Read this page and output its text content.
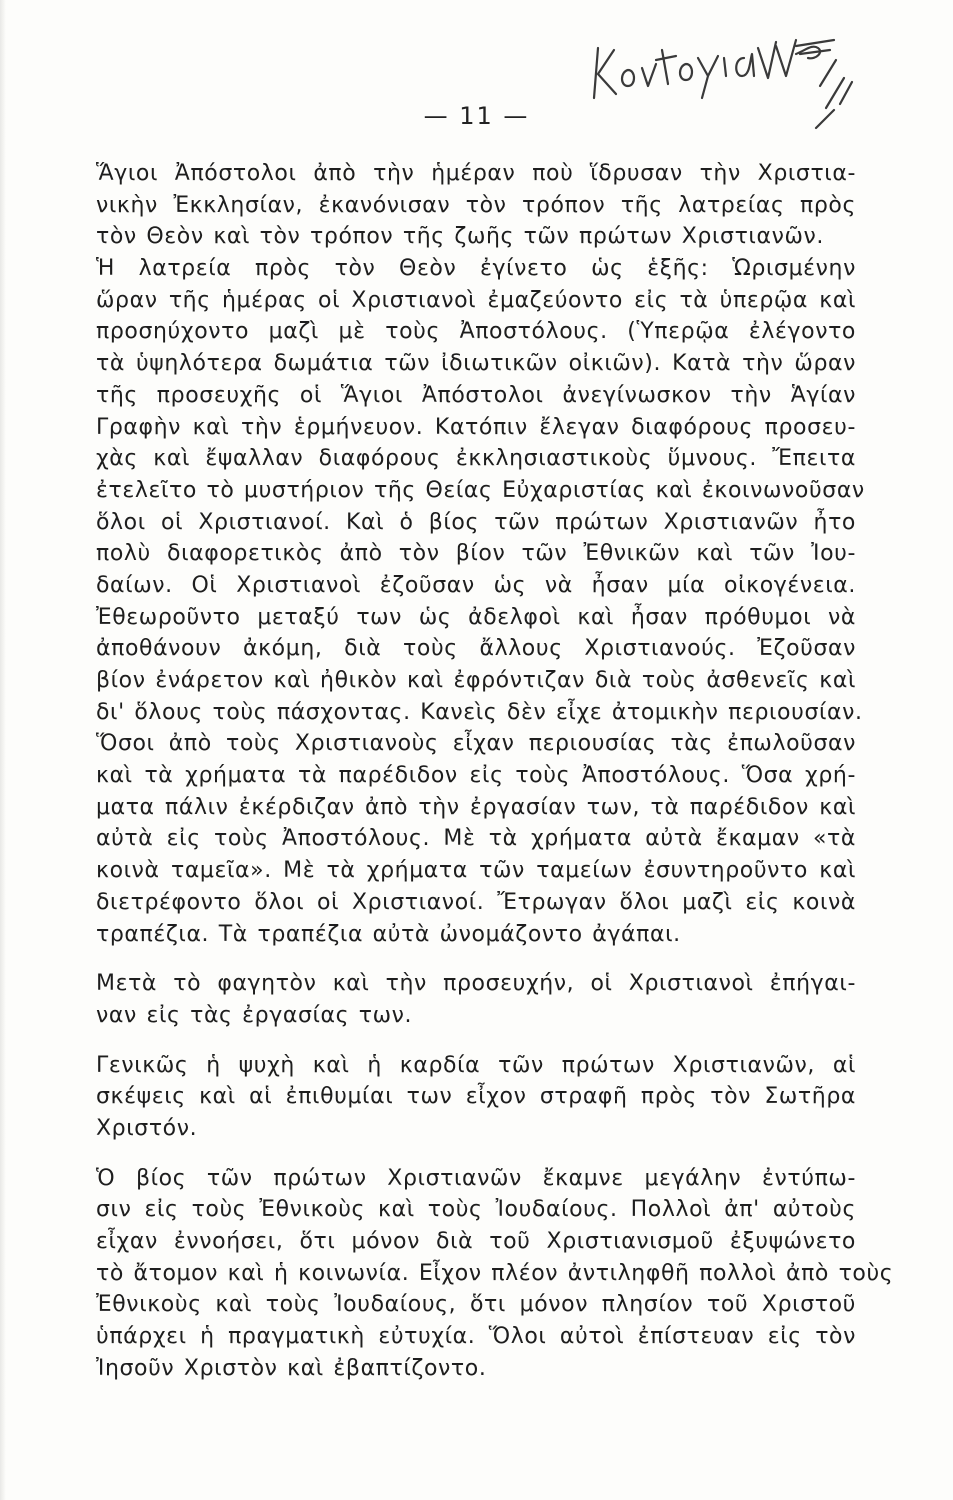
— 11 —
Ἅγιοι Ἀπόστολοι ἀπὸ τὴν ἡμέραν ποὺ ἵδρυσαν τὴν Χριστια-
νικὴν Ἐκκλησίαν, ἐκανόνισαν τὸν τρόπον τῆς λατρείας πρὸς
τὸν Θεὸν καὶ τὸν τρόπον τῆς ζωῆς τῶν πρώτων Χριστιανῶν.
Ἡ λατρεία πρὸς τὸν Θεὸν ἐγίνετο ὡς ἑξῆς: Ὡρισμένην
ὥραν τῆς ἡμέρας οἱ Χριστιανοὶ ἐμαζεύοντο εἰς τὰ ὑπερῷα καὶ
προσηύχοντο μαζὶ μὲ τοὺς Ἀποστόλους. (Ὑπερῷα ἐλέγοντο
τὰ ὑψηλότερα δωμάτια τῶν ἰδιωτικῶν οἰκιῶν). Κατὰ τὴν ὥραν
τῆς προσευχῆς οἱ Ἅγιοι Ἀπόστολοι ἀνεγίνωσκον τὴν Ἁγίαν
Γραφὴν καὶ τὴν ἑρμήνευον. Κατόπιν ἔλεγαν διαφόρους προσευ-
χὰς καὶ ἔψαλλαν διαφόρους ἐκκλησιαστικοὺς ὕμνους. Ἔπειτα
ἐτελεῖτο τὸ μυστήριον τῆς Θείας Εὐχαριστίας καὶ ἐκοινωνοῦσαν
ὅλοι οἱ Χριστιανοί. Καὶ ὁ βίος τῶν πρώτων Χριστιανῶν ἦτο
πολὺ διαφορετικὸς ἀπὸ τὸν βίον τῶν Ἐθνικῶν καὶ τῶν Ἰου-
δαίων. Οἱ Χριστιανοὶ ἐζοῦσαν ὡς νὰ ἦσαν μία οἰκογένεια.
Ἐθεωροῦντο μεταξύ των ὡς ἀδελφοὶ καὶ ἦσαν πρόθυμοι νὰ
ἀποθάνουν ἀκόμη, διὰ τοὺς ἄλλους Χριστιανούς. Ἐζοῦσαν
βίον ἐνάρετον καὶ ἠθικὸν καὶ ἐφρόντιζαν διὰ τοὺς ἀσθενεῖς καὶ
δι' ὅλους τοὺς πάσχοντας. Κανεὶς δὲν εἶχε ἀτομικὴν περιουσίαν.
Ὅσοι ἀπὸ τοὺς Χριστιανοὺς εἶχαν περιουσίας τὰς ἐπωλοῦσαν
καὶ τὰ χρήματα τὰ παρέδιδον εἰς τοὺς Ἀποστόλους. Ὅσα χρή-
ματα πάλιν ἐκέρδιζαν ἀπὸ τὴν ἐργασίαν των, τὰ παρέδιδον καὶ
αὐτὰ εἰς τοὺς Ἀποστόλους. Μὲ τὰ χρήματα αὐτὰ ἔκαμαν «τὰ
κοινὰ ταμεῖα». Μὲ τὰ χρήματα τῶν ταμείων ἐσυντηροῦντο καὶ
διετρέφοντο ὅλοι οἱ Χριστιανοί. Ἔτρωγαν ὅλοι μαζὶ εἰς κοινὰ
τραπέζια. Τὰ τραπέζια αὐτὰ ὠνομάζοντο ἀγάπαι.
Μετὰ τὸ φαγητὸν καὶ τὴν προσευχήν, οἱ Χριστιανοὶ ἐπήγαι-
ναν εἰς τὰς ἐργασίας των.
Γενικῶς ἡ ψυχὴ καὶ ἡ καρδία τῶν πρώτων Χριστιανῶν, αἱ
σκέψεις καὶ αἱ ἐπιθυμίαι των εἶχον στραφῆ πρὸς τὸν Σωτῆρα
Χριστόν.
Ὁ βίος τῶν πρώτων Χριστιανῶν ἔκαμνε μεγάλην ἐντύπω-
σιν εἰς τοὺς Ἐθνικοὺς καὶ τοὺς Ἰουδαίους. Πολλοὶ ἀπ' αὐτοὺς
εἶχαν ἐννοήσει, ὅτι μόνον διὰ τοῦ Χριστιανισμοῦ ἐξυψώνετο
τὸ ἄτομον καὶ ἡ κοινωνία. Εἶχον πλέον ἀντιληφθῆ πολλοὶ ἀπὸ τοὺς
Ἐθνικοὺς καὶ τοὺς Ἰουδαίους, ὅτι μόνον πλησίον τοῦ Χριστοῦ
ὑπάρχει ἡ πραγματικὴ εὐτυχία. Ὅλοι αὐτοὶ ἐπίστευαν εἰς τὸν
Ἰησοῦν Χριστὸν καὶ ἐβαπτίζοντο.
